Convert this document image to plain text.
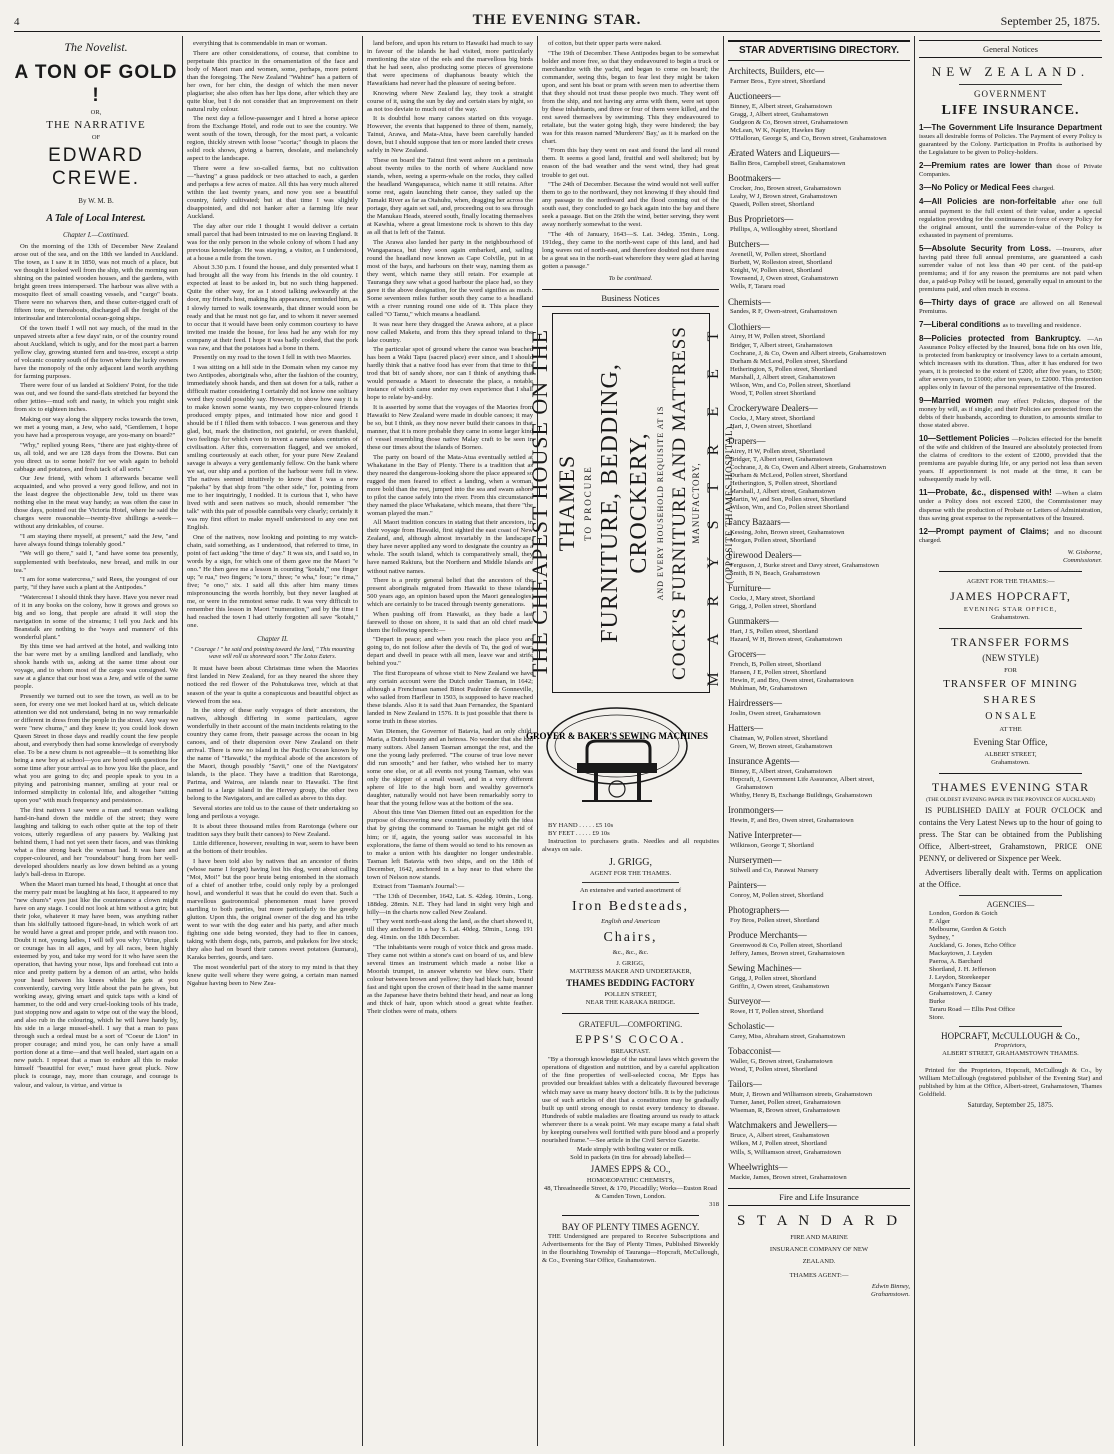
4	THE EVENING STAR.	September 25, 1875.
The Novelist.
A TON OF GOLD !
OR,
THE NARRATIVE
OF
EDWARD CREWE.
By W. M. B.
A Tale of Local Interest.
Chapter I.—Continued.

On the morning of the 13th of December New Zealand arose out of the sea, and on the 18th we landed in Auckland. The town, as I saw it in 1850, was not much of a place, but we thought it looked well from the ship, with the morning sun shining on the painted wooden houses, and the gardens, with bright green trees interspersed. The harbour was alive with a mosquito fleet of small coasting vessels, and "cargo" boats. There were no wharves then, and these cutter-rigged craft of fifteen tons, or thereabouts, discharged all the freight of the interinsular and intercolonial ocean-going ships.

Of the town itself I will not say much, of the mud in the unpaved streets after a few days' rain, or of the country round about Auckland, which is ugly, and for the most part a barren yellow clay, growing stunted fern and tea-tree, except a strip of volcanic country south of the town where the lucky owners have the monopoly of the only adjacent land worth anything for farming purposes.

There were four of us landed at Soldiers' Point, for the tide was out, and we found the sand-flats stretched far beyond the other jetties—mud soft and nasty, in which you might sink from six to eighteen inches.

Making our way along the slippery rocks towards the town, we met a young man, a Jew, who said, "Gentlemen, I hope you have had a prosperous voyage, are you-many on board?"

"Why," replied young Rees, "there are just eighty-three of us, all told, and we are 128 days from the Downs. But can you direct us to some hotel? for we wish again to behold cabbage and potatoes, and fresh tack of all sorts."

Our Jew friend, with whom I afterwards became well acquainted, and who proved a very good fellow, and not in the least degree the objectionable Jew, told us there was nothing else in the meat way handy; as was often the case in those days, pointed out the Victoria Hotel, where he said the charges were reasonable—twenty-five shillings a-week—without any drinkables, of course.

"I am staying there myself, at present," said the Jew, "and have always found things tolerably good."

"We will go there," said I, "and have some tea presently, supplemented with beefsteaks, new bread, and milk in our tea."

"I am for some watercress," said Rees, the youngest of our party, "if they have such a plant at the Antipodes."

"Watercress! I should think they have. Have you never read of it in any books on the colony, how it grows and grows so big and so long, that people are afraid it will stop the navigation in some of the streams; I tell you Jack and his Beanstalk are nothing to the 'ways and manners' of this wonderful plant."

By this time we had arrived at the hotel, and walking into the bar were met by a smiling landlord and landlady, who shook hands with us, asking at the same time about our voyage, and to whom most of the cargo was consigned. We saw at a glance that our host was a Jew, and wife of the same people.

Presently we turned out to see the town, as well as to be seen, for every one we met looked hard at us, which delicate attention we did not understand, being in no way remarkable or different in dress from the people in the street. Any way we were "new chums," and they knew it; you could look down Queen Street in those days and readily count the few people about, and everybody then had some knowledge of everybody else. To be a new chum is not agreeable—it is something like being a new boy at school—you are bored with questions for some time after your arrival as to how you like the place, and what you are going to do; and people speak to you in a pitying and patronising manner, smiling at your real or informed simplicity in colonial life, and altogether "sitting upon you" with much frequency and persistence.

The first natives I saw were a man and woman walking hand-in-hand down the middle of the street; they were laughing and talking to each other quite at the top of their voices, utterly regardless of any passers by. Walking just behind them, I had not yet seen their faces, and was thinking what a fine strong back the woman had. It was bare and copper-coloured, and her "roundabout" hung from her well-developed shoulders nearly as low down behind as a young lady's ball-dress in Europe.

When the Maori man turned his head, I thought at once that the merry pair must be laughing at his face, it appeared to my "new chum's" eyes just like the countenance a clown might have on any stage. I could not look at him without a grin; but their joke, whatever it may have been, was anything rather than his skilfully tattooed figure-head, in which work of art he would have a great and proper pride, and with reason too. Doubt it not, young ladies, I will tell you why: Virtue, pluck or courage has in all ages, and by all races, been highly esteemed by you, and take my word for it who have seen the operation, that having your nose, lips and forehead cut into a nice and pretty pattern by a demon of an artist, who holds your head between his knees whilst he gets at you conveniently, carving very little about the pain he gives, but working away, giving smart and quick taps with a kind of hammer, to the odd and very cruel-looking tools of his trade, just stopping now and again to wipe out of the way the blood, and also rub in the colouring, which he will have handy by, his side in a large mussel-shell. I say that a man to pass through such a ordeal must be a sort of "Coeur de Lion" in proper courage; and mind you, he can only have a small portion done at a time—and that well healed, start again on a new patch. I repeat that a man to endure all this to make himself "beautiful for ever," must have great pluck. Now pluck is courage, nay, more than courage, and courage is valour, and valour, is virtue, and virtue is

everything that is commendable in man or woman.

There are other considerations, of course, that combine to perpetuate this practice in the ornamentation of the face and body of Maori man and women, some, perhaps, more potent than the foregoing. The New Zealand "Wahine" has a pattern of her own, for her chin, the design of which the men never plagiarise; she also often has her lips done, after which they are quite blue, but I do not consider that an improvement on their natural ruby colour.

The next day a fellow-passenger and I hired a horse apiece from the Exchange Hotel, and rode out to see the country. We went south of the town, through, for the most part, a volcanic region, thickly strewn with loose "scoria;" though in places the solid rock shows, giving a barren, desolate, and melancholy aspect to the landscape.

There were a few so-called farms, but no cultivation—"having" a grass paddock or two attached to each, a garden and perhaps a few acres of maize. All this has very much altered within the last twenty years, and now you see a beautiful country, fairly cultivated; but at that time I was slightly disappointed, and did not hanker after a farming life near Auckland.

The day after our ride I thought I would deliver a certain small parcel that had been intrusted to me on leaving England. It was for the only person in the whole colony of whom I had any previous knowledge. He was staying, a visitor, as I understood, at a house a mile from the town.

About 3.30 p.m. I found the house, and duly presented what I had brought all the way from his friends in the old country. I expected at least to be asked in, but no such thing happened. Quite the other way, for as I stood talking awkwardly at the door, my friend's host, making his appearance, reminded him, as I slowly turned to walk townwards, that dinner would soon be ready and that he must not go far, and to whom it never seemed to occur that it would have been only common courtesy to have invited me inside the house, for less had he any wish for my company at their feed. I hope it was badly cooked, that the pork was raw, and that the potatoes had a bone in them.

Presently on my road to the town I fell in with two Maories.

I was sitting on a hill side in the Domain when my canoe my two Antipodes, aboriginals who, after the fashion of the country, immediately shook hands, and then sat down for a talk, rather a difficult matter considering I certainly did not know one solitary word they could possibly say. However, to show how easy it is to make known some wants, my two copper-coloured friends produced empty pipes, and intimated how nice and good I should be if I filled them with tobacco. I was generous and they glad, but, mark the distinction, not grateful, or even thankful, two feelings for which even to invent a name takes centuries of civilisation. After this, conversation flagged, and we smoked, smiling courteously at each other, for your pure New Zealand savage is always a very gentlemanly fellow. On the bank where we sat, our ship and a portion of the harbour were full in view. The natives seemed intuitively to know that I was a new "pakeha" by that ship from "the other side," for, pointing from me to her inquiringly, I nodded. It is curious that I, who have lived with and seen natives so much, should remember "the talk" with this pair of possible cannibals very clearly; certainly it was my first effort to make myself understood to any one not English.

One of the natives, now looking and pointing to my watch-chain, said something, as I understood, that referred to time, in point of fact asking "the time o' day." It was six, and I said so, in words by a sign, for which one of them gave me the Maori "e ono." He then gave me a lesson in counting "kotahi," one finger up; "e rua," two fingers; "e toru," three; "e wha," four; "e rima," five; "e ono," six. I said all this after him many times mispronouncing the words horribly, but they never laughed at me, or were in the remotest sense rude. It was very difficult to remember this lesson in Maori "numeration," and by the time I had reached the town I had utterly forgotten all save "kotahi," one.

Chapter II.
" Courage ! " he said and pointing toward the land, " This mounting wave will roll us shoreward soon." The Lotus Eaters.

It must have been about Christmas time when the Maories first landed in New Zealand, for as they neared the shore they noticed the red flower of the Pohutukawa tree, which at that season of the year is quite a conspicuous and beautiful object as viewed from the sea.

In the story of these early voyages of their ancestors, the natives, although differing in some particulars, agree wonderfully in their account of the main incidents relating to the country they came from, their passage across the ocean in big canoes, and of their dispersion over New Zealand on their arrival. There is now no island in the Pacific Ocean known by the name of "Hawaiki," the mythical abode of the ancestors of the Maori, though possibly "Savii," one of the Navigators' islands, is the place. They have a tradition that Rarotonga, Parima, and Wairoa, are islands near to Hawaiki. The first named is a large island in the Hervey group, the other two belong to the Navigators, and are called as above to this day.

Several stories are told us to the cause of their undertaking so long and perilous a voyage.

It is about three thousand miles from Rarotonga (where our tradition says they built their canoes) to New Zealand.

Little difference, however, resulting in war, seem to have been at the bottom of their troubles.

I have been told also by natives that an ancestor of theirs (whose name I forget) having lost his dog, went about calling "Moi, Moi!" but the poor brute being entombed in the stomach of a chief of another tribe, could only reply by a prolonged howl, and wonderful it was that he could do even that. Such a marvellous gastronomical phenomenon must have proved startling to both parties, but more particularly to the greedy glutton. Upon this, the original owner of the dog and his tribe went to war with the dog eater and his party, and after much fighting one side being worsted, they had to flee in canoes, taking with them dogs, rats, parrots, and pukekos for live stock; they also had on board their canoes sweet potatoes (kumara), Karaka berries, gourds, and taro.

The most wonderful part of the story to my mind is that they knew quite well where they were going, a certain man named Ngahue having been to New Zea-

land before, and upon his return to Hawaiki had much to say in favour of the islands he had visited, more particularly mentioning the size of the eels and the marvellous big birds that he had seen, also producing some pieces of greenstone that were specimens of diaphanous beauty which the Hawaikians had never had the pleasure of seeing before.

Knowing where New Zealand lay, they took a straight course of it, using the sun by day and certain stars by night, so as not too deviate to much out of the way.

It is doubtful how many canoes started on this voyage. However, the events that happened to three of them, namely, Tainui, Arawa, and Mata-Atua, have been carefully handed down, but I should suppose that ten or more landed their crews safely in New Zealand.

These on board the Tainui first went ashore on a peninsula about twenty miles to the north of where Auckland now stands, when, seeing a sperm-whale on the rocks, they called the headland Wangaparaca, which name it still retains. After some rest, again launching their canoe, they sailed up the Tamaki River as far as Otahuhu, when, dragging her across the portage, they again set sail, and, proceeding out to sea through the Manukau Heads, steered south, finally locating themselves at Kawhia, where a great limestone rock is shown to this day as all that is left of the Tainui.

The Arawa also landed her party in the neighbourhood of Wangaparaca, but they soon again embarked, and, sailing round the headland now known as Cape Colville, put in at most of the bays, and harbours on their way, naming them as they went, which name they still retain. For example at Tauranga they saw what a good harbour the place had, so they gave it the above designation, for the word signifies as much. Some seventeen miles further south they came to a headland with a river running round one side of it. This place they called "O Tamu," which means a headland.

It was near here they dragged the Arawa ashore, at a place now called Maketu, and from this they spread inland to the lake country.

The particular spot of ground where the canoe was beached has been a Waki Tapu (sacred place) ever since, and I should hardly think that a native food has ever from that time to this trod that bit of sandy shore, nor can I think of anything that would persuade a Maori to desecrate the place, a notable instance of which came under my own experience that I shall hope to relate by-and-by.

It is asserted by some that the voyages of the Maories from Hawaiki to New Zealand were made in double canoes; it may be so, but I think, as they now never build their canoes in that manner, that it is more probable they came in some larger kind of vessel resembling those native Malay craft to be seen in these our times about the islands of Borneo.

The party on board of the Mata-Atua eventually settled at Whakatane in the Bay of Plenty. There is a tradition that as they neared the dangerous-looking shore the place appeared so rugged the men feared to effect a landing, when a woman, more bold than the rest, jumped into the sea and swam ashore to pilot the canoe safely into the river. From this circumstance they named the place Whakatane, which means, that there "the woman played the man."

All Maori tradition concurs in stating that their ancestors, in their voyage from Hawaiki, first sighted the east coast of New Zealand, and, although almost invariably in the landscape, they have never applied any word to designate the country as a whole. The south island, which is comparatively small, they have named Rakiura, but the Northern and Middle Islands are without native names.

There is a pretty general belief that the ancestors of the present aboriginals migrated from Hawaiki to these islands 500 years ago, an opinion based upon the Maori genealogies, which are certainly to be traced through twenty generations.

When pushing off from Hawaiki, as they bade a last farewell to those on shore, it is said that an old chief made them the following speech:—

"Depart in peace; and when you reach the place you are going to, do not follow after the devils of Tu, the god of war; depart and dwell in peace with all men, leave war and strife behind you."

The first Europeans of whose visit to New Zealand we have any certain account were the Dutch under Tasman, in 1642; although a Frenchman named Binot Paulmier de Gonneville, who sailed from Harfleur in 1503, is supposed to have reached these islands. Also it is said that Juan Fernandez, the Spaniard landed in New Zealand in 1576. It is just possible that there is some truth in these stories.

Van Diemen, the Governor of Batavia, had an only child, Maria, a Dutch beauty and an heiress. No wonder that she had many suitors. Abel Jansen Tasman amongst the rest, and the one the young lady preferred. "The course of true love never did run smooth;" and her father, who wished her to marry some one else, or at all events not young Tasman, who was only the skipper of a small vessel, and in a very different sphere of life to the high born and wealthy governor's daughter, naturally would not have been remarkably sorry to hear that the young fellow was at the bottom of the sea.

About this time Van Diemen fitted out an expedition for the purpose of discovering new countries, possibly with the idea that by giving the command to Tasman he might get rid of him; or if, again, the young sailor was successful in his explorations, the fame of them would so tend to his renown as to make a union with his daughter no longer undesirable. Tasman left Batavia with two ships, and on the 18th of December, 1642, anchored in a bay near to that where the town of Nelson now stands.

Extract from 'Tasman's Journal':—

"The 13th of December, 1642, Lat. S. 42deg. 10min., Long. 188deg. 28min. N.E. They had land in sight very high and hilly—in the charts now called New Zealand.

"They went north-east along the land, as the chart showed it, till they anchored in a bay S. Lat. 40deg. 50min., Long. 191 deg. 41min. on the 18th December.

"The inhabitants were rough of voice thick and gross made. They came not within a stone's cast on board of us, and blew several times an instrument which made a noise like a Moorish trumpet, in answer whereto we blew ours. Their colour between brown and yellow; they had black hair, bound fast and tight upon the crown of their head in the same manner as the Japanese have theirs behind their head, and near as long and thick of hair, upon which stood a great white feather. Their clothes were of mats, others

of cotton, but their upper parts were naked.

"The 19th of December. These Antipodes began to be somewhat bolder and more free, so that they endeavoured to begin a truck or merchandize with the yacht, and began to come on board; the commander, seeing this, began to fear lest they might be taken upon, and sent his boat or pram with seven men to advertise them that they should not trust these people two much. They went off from the ship, and not having any arms with them, were set upon by these inhabitants, and three or four of them were killed, and the rest saved themselves by swimming. This they endeavoured to retaliate, but the water going high, they were hindered; the bay was for this reason named 'Murderers' Bay,' as it is marked on the chart.

"From this bay they went on east and found the land all round them. It seems a good land, fruitful and well sheltered; but by reason of the bad weather and the west wind, they had great trouble to get out.

"The 24th of December. Because the wind would not well suffer them to go to the northward, they not knowing if they should find any passage to the northward and the flood coming out of the south east, they concluded to go back again into the bay and there seek a passage. But on the 26th the wind, better serving, they went away northerly somewhat to the west.

"The 4th of January, 1643—S. Lat. 34deg. 35min., Long. 191deg., they came to the north-west cape of this land, and had long waves out of north-east, and therefore doubted not there must be a great sea in the north-east wherefore they were glad at having gotten a passage."

To be continued.
Business Notices
THE CHEAPEST HOUSE ON THE THAMES TO PROCURE FURNITURE, BEDDING, CROCKERY, AND EVERY HOUSEHOLD REQUISITE AT IS COCK'S FURNITURE AND MATTRESS MANUFACTORY, M A R Y S T R E E T (OPPOSITE THAMES HOSPITAL).
GROVER & BAKER'S SEWING MACHINES
BY HAND . . . . . £5 10s
BY FEET . . . . . £9 10s

Instruction to purchasers gratis. Needles and all requisites always on sale.

J. GRIGG,
AGENT FOR THE THAMES.
An extensive and varied assortment of
Iron Bedsteads,
English and American
Chairs,
&c., &c., &c.
J. GRIGG,
MATTRESS MAKER AND UNDERTAKER,
THAMES BEDDING FACTORY
POLLEN STREET,
NEAR THE KARAKA BRIDGE.
GRATEFUL—COMFORTING.
EPPS'S COCOA.
BREAKFAST.

"By a thorough knowledge of the natural laws which govern the operations of digestion and nutrition, and by a careful application of the fine properties of well-selected cocoa, Mr Epps has provided our breakfast tables with a delicately flavoured beverage which may save us many heavy doctors' bills. It is by the judicious use of such articles of diet that a constitution may be gradually built up until strong enough to resist every tendency to disease. Hundreds of subtle maladies are floating around us ready to attack wherever there is a weak point. We may escape many a fatal shaft by keeping ourselves well fortified with pure blood and a properly nourished frame."—See article in the Civil Service Gazette.

Made simply with boiling water or milk.
Sold in packets (in tins for abroad) labelled—
JAMES EPPS & CO.,
HOMOEOPATHIC CHEMISTS,
48, Threadneedle Street, & 170, Piccadilly; Works—Euston Road & Camden Town, London.
318
BAY OF PLENTY TIMES AGENCY.

THE Undersigned are prepared to Receive Subscriptions and Advertisements for the Bay of Plenty Times, Published Biweekly in the flourishing Township of Tauranga—Hopcraft, McCullough, & Co., Evening Star Office, Grahamstown.

STAR ADVERTISING DIRECTORY.
Architects, Builders, etc—
Farmer Bros., Eyre street, Shortland
Auctioneers—
Binney, E, Albert street, Grahamstown
Gragg, J, Albert street, Grahamstown
Gudgeon & Co, Brown street, Grahamstown
McLean, W K, Napier, Hawkes Bay
O'Halloran, George S, and Co, Brown street, Grahamstown
Ærated Waters and Liqueurs—
Ballin Bros, Campbell street, Grahamstown
Bootmakers—
Crocker, Jno, Brown street, Grahamstown
Leahy, W J, Brown street, Grahamstown
Quaedi, Pollen street, Shortland
Bus Proprietors—
Phillips, A, Willoughby street, Shortland
Butchers—
Aveneill, W, Pollen street, Shortland
Burbett, W, Rolleston street, Shortland
Knight, W, Pollen street, Shortland
Townsend, J, Owen street, Grahamstown
Wells, F, Tararu road
Chemists—
Sandes, R F, Owen-street, Grahamstown
Clothiers—
Airey, H W, Pollen street, Shortland
Bridger, T, Albert street, Grahamstown
Cochrane, J, & Co, Owen and Albert streets, Grahamstown
Durham & McLeod, Pollen street, Shortland
Hetherington, S, Pollen street, Shortland
Marshall, J, Albert street, Grahamstown
Wilson, Wm, and Co, Pollen street, Shortland
Wood, T, Pollen street Shortland
Crockeryware Dealers—
Cocks, J, Mary street, Shortland
Hart, J, Owen street, Shortland
Drapers—
Airey, H W, Pollen street, Shortland
Bridger, T, Albert street, Grahamstown
Cochrane, J, & Co, Owen and Albert streets, Grahamstown
Durham & McLeod, Pollen street, Shortland
Hetherington, S, Pollen street, Shortland
Marshall, J, Albert street, Grahamstown
Martin, W, and Son, Pollen street, Shortland
Wilson, Wm, and Co, Pollen street Shortland
Fancy Bazaars—
Kessing, John, Brown street, Grahamstown
Morgan, Pollen street, Shortland
Firewood Dealers—
Ferguson, J, Burke street and Davy street, Grahamstown
Smith, B N, Beach, Grahamstown
Furniture—
Cocks, J, Mary street, Shortland
Grigg, J, Pollen street, Shortland
Gunmakers—
Hart, J S, Pollen street, Shortland
Hazard, W H, Brown street, Grahamstown
Grocers—
French, B, Pollen street, Shortland
Hansen, J E, Pollen street, Shortland
Hewin, F, and Bro, Owen street, Grahamstown
Muhlman, Mr, Grahamstown
Hairdressers—
Joslin, Owen street, Grahamstown
Hatters—
Chatman, W, Pollen street, Shortland
Green, W, Brown street, Grahamstown
Insurance Agents—
Binney, E, Albert street, Grahamstown
Hopcraft, J, Government Life Assurance, Albert street, Grahamstown
Whitby, Henry B, Exchange Buildings, Grahamstown
Ironmongers—
Hewin, F, and Bro, Owen street, Grahamstown
Native Interpreter—
Wilkinson, George T, Shortland
Nurserymen—
Stilwell and Co, Parawai Nursery
Painters—
Conroy, M, Pollen street, Shortland
Photographers—
Foy Bros, Pollen street, Shortland
Produce Merchants—
Greenwood & Co, Pollen street, Shortland
Jeffery, James, Brown street, Grahamstown
Sewing Machines—
Grigg, J, Pollen street, Shortland
Griffin, J, Owen street, Grahamstown
Surveyor—
Rowe, H T, Pollen street, Shortland
Scholastic—
Carey, Miss, Abraham street, Grahamstown
Tobacconist—
Waller, G, Brown street, Grahamstown
Wood, T, Pollen street, Shortland
Tailors—
Muir, J, Brown and Williamson streets, Grahamstown
Turner, Janet, Pollen street, Grahamstown
Wiseman, R, Brown street, Grahamstown
Watchmakers and Jewellers—
Bruce, A, Albert street, Grahamstown
Wilkes, M J, Pollen street, Shortland
Wills, S, Williamson street, Grahamstown
Wheelwrights—
Mackie, James, Brown street, Grahamstown
Fire and Life Insurance
S T A N D A R D
FIRE AND MARINE
INSURANCE COMPANY OF NEW
ZEALAND.
THAMES AGENT:—
Edwin Binney,
Grahamstown.
General Notices
NEW ZEALAND.
GOVERNMENT
LIFE INSURANCE.

1—The Government Life Insurance Department issues all desirable forms of Policies. The Payment of every Policy is guaranteed by the Colony. Participation in Profits is authorised by the Legislature to be given to Policy-holders.

2—Premium rates are lower than those of Private Companies.

3—No Policy or Medical Fees charged.

4—All Policies are non-forfeitable after one full annual payment to the full extent of their value, under a special regulation providing for the continuance in force of every Policy for the original amount, until the surrender-value of the Policy is exhausted in payment of premiums.

5—Absolute Security from Loss. —Insurers, after having paid three full annual premiums, are guaranteed a cash surrender value of not less than 40 per cent. of the paid-up premiums; and if for any reason the premiums are not paid when due, a paid-up Policy will be issued, generally equal in amount to the premiums paid, and often much in excess.

6—Thirty days of grace are allowed on all Renewal Premiums.

7—Liberal conditions as to travelling and residence.

8—Policies protected from Bankruptcy. —An Assurance Policy effected by the Insured, bona fide on his own life, is protected from bankruptcy or insolvency laws to a certain amount, which increases with its duration. Thus, after it has endured for two years, it is protected to the extent of £200; after five years, to £500; after seven years, to £1000; after ten years, to £2000. This protection applies only in favour of the personal representative of the Insured.

9—Married women may effect Policies, dispose of the money by will, as if single; and their Policies are protected from the debts of their husbands, according to duration, to amounts similar to those stated above.

10—Settlement Policies —Policies effected for the benefit of the wife and children of the Insured are absolutely protected from the claims of creditors to the extent of £2000, provided that the premiums are payable during life, or any period not less than seven years. If apportionment is not made at the time, it can be subsequently made by will.

11—Probate, &c., dispensed with! —When a claim under a Policy does not exceed £200, the Commissioner may dispense with the production of Probate or Letters of Administration, thus saving great expense to the representatives of the Insured.

12—Prompt payment of Claims; and no discount charged.

W. Gisborne,
Commissioner.
AGENT FOR THE THAMES:—
JAMES HOPCRAFT,
EVENING STAR OFFICE,
Grahamstown.
TRANSFER FORMS
(NEW STYLE)
FOR
TRANSFER OF MINING
SHARES
O N S A L E
AT THE
Evening Star Office,
ALBERT STREET,
Grahamstown.
THAMES EVENING STAR
(THE OLDEST EVENING PAPER IN THE PROVINCE OF AUCKLAND)

IS PUBLISHED DAILY at FOUR O'CLOCK and contains the Very Latest News up to the hour of going to press. The Star can be obtained from the Publishing Office, Albert-street, Grahamstown, PRICE ONE PENNY, or delivered or Sixpence per Week.

Advertisers liberally dealt with. Terms on application at the Office.

AGENCIES—
London, Gordon & Gotch
F. Alger
Melbourne, Gordon & Gotch
Sydney, "
Auckland, G. Jones, Echo Office
Mackaytown, J. Leyden
Paeroa, A. Barchard
Shortland, J. H. Jefferson
J. Leydon, Storekeeper
Morgan's Fancy Bazaar
Grahamstown, J. Caney
Burke
Tararu Road — Ellis Post Office
Store.
HOPCRAFT, McCULLOUGH & Co.,
Proprietors,
ALBERT STREET, GRAHAMSTOWN THAMES.

Printed for the Proprietors, Hopcraft, McCullough & Co., by William McCullough (registered publisher of the Evening Star) and published by him at the Office, Albert-street, Grahamstown, Thames Goldfield.

Saturday, September 25, 1875.
